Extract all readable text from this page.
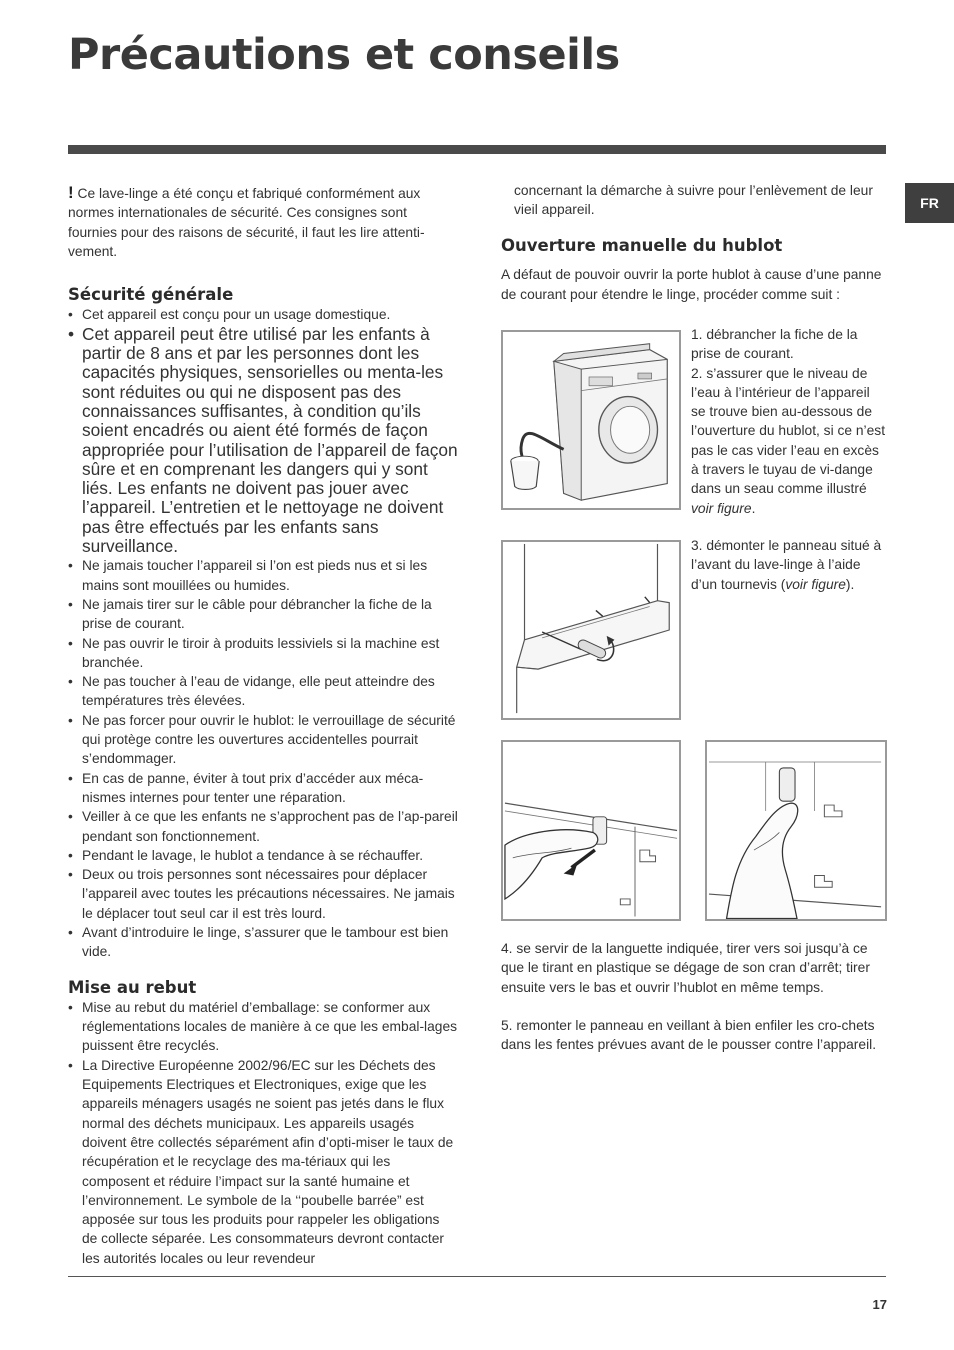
Précautions et conseils
FR

! Ce lave-linge a été conçu et fabriqué conformément aux normes internationales de sécurité. Ces consignes sont fournies pour des raisons de sécurité, il faut les lire attenti-vement.

Sécurité générale
• Cet appareil est conçu pour un usage domestique.
• Cet appareil peut être utilisé par les enfants à partir de 8 ans et par les personnes dont les capacités physiques, sensorielles ou menta-les sont réduites ou qui ne disposent pas des connaissances suffisantes, à condition qu’ils soient encadrés ou aient été formés de façon appropriée pour l’utilisation de l’appareil de façon sûre et en comprenant les dangers qui y sont liés. Les enfants ne doivent pas jouer avec l’appareil. L’entretien et le nettoyage ne doivent pas être effectués par les enfants sans surveillance.
• Ne jamais toucher l’appareil si l’on est pieds nus et si les mains sont mouillées ou humides.
• Ne jamais tirer sur le câble pour débrancher la fiche de la prise de courant.
• Ne pas ouvrir le tiroir à produits lessiviels si la machine est branchée.
• Ne pas toucher à l’eau de vidange, elle peut atteindre des températures très élevées.
• Ne pas forcer pour ouvrir le hublot: le verrouillage de sécurité qui protège contre les ouvertures accidentelles pourrait s’endommager.
• En cas de panne, éviter à tout prix d’accéder aux méca-nismes internes pour tenter une réparation.
• Veiller à ce que les enfants ne s’approchent pas de l’ap-pareil pendant son fonctionnement.
• Pendant le lavage, le hublot a tendance à se réchauffer.
• Deux ou trois personnes sont nécessaires pour déplacer l’appareil avec toutes les précautions nécessaires. Ne jamais le déplacer tout seul car il est très lourd.
• Avant d’introduire le linge, s’assurer que le tambour est bien vide.
Mise au rebut
• Mise au rebut du matériel d’emballage: se conformer aux réglementations locales de manière à ce que les embal-lages puissent être recyclés.
• La Directive Européenne 2002/96/EC sur les Déchets des Equipements Electriques et Electroniques, exige que les appareils ménagers usagés ne soient pas jetés dans le flux normal des déchets municipaux. Les appareils usagés doivent être collectés séparément afin d’opti-miser le taux de récupération et le recyclage des ma-tériaux qui les composent et réduire l’impact sur la santé humaine et l’environnement. Le symbole de la ‘‘poubelle barrée” est apposée sur tous les produits pour rappeler les obligations de collecte séparée. Les consommateurs devront contacter les autorités locales ou leur revendeur

concernant la démarche à suivre pour l’enlèvement de leur vieil appareil.

Ouverture manuelle du hublot

A défaut de pouvoir ouvrir la porte hublot à cause d’une panne de courant pour étendre le linge, procéder comme suit :

1. débrancher la fiche de la prise de courant.

2. s’assurer que le niveau de l’eau à l’intérieur de l’appareil se trouve bien au-dessous de l’ouverture du hublot, si ce n’est pas le cas vider l’eau en excès à travers le tuyau de vi-dange dans un seau comme illustré voir figure.

3. démonter le panneau situé à l’avant du lave-linge à l’aide d’un tournevis (voir figure).

4. se servir de la languette indiquée, tirer vers soi jusqu’à ce que le tirant en plastique se dégage de son cran d’arrêt; tirer ensuite vers le bas et ouvrir l’hublot en même temps.

5. remonter le panneau en veillant à bien enfiler les cro-chets dans les fentes prévues avant de le pousser contre l’appareil.

17
